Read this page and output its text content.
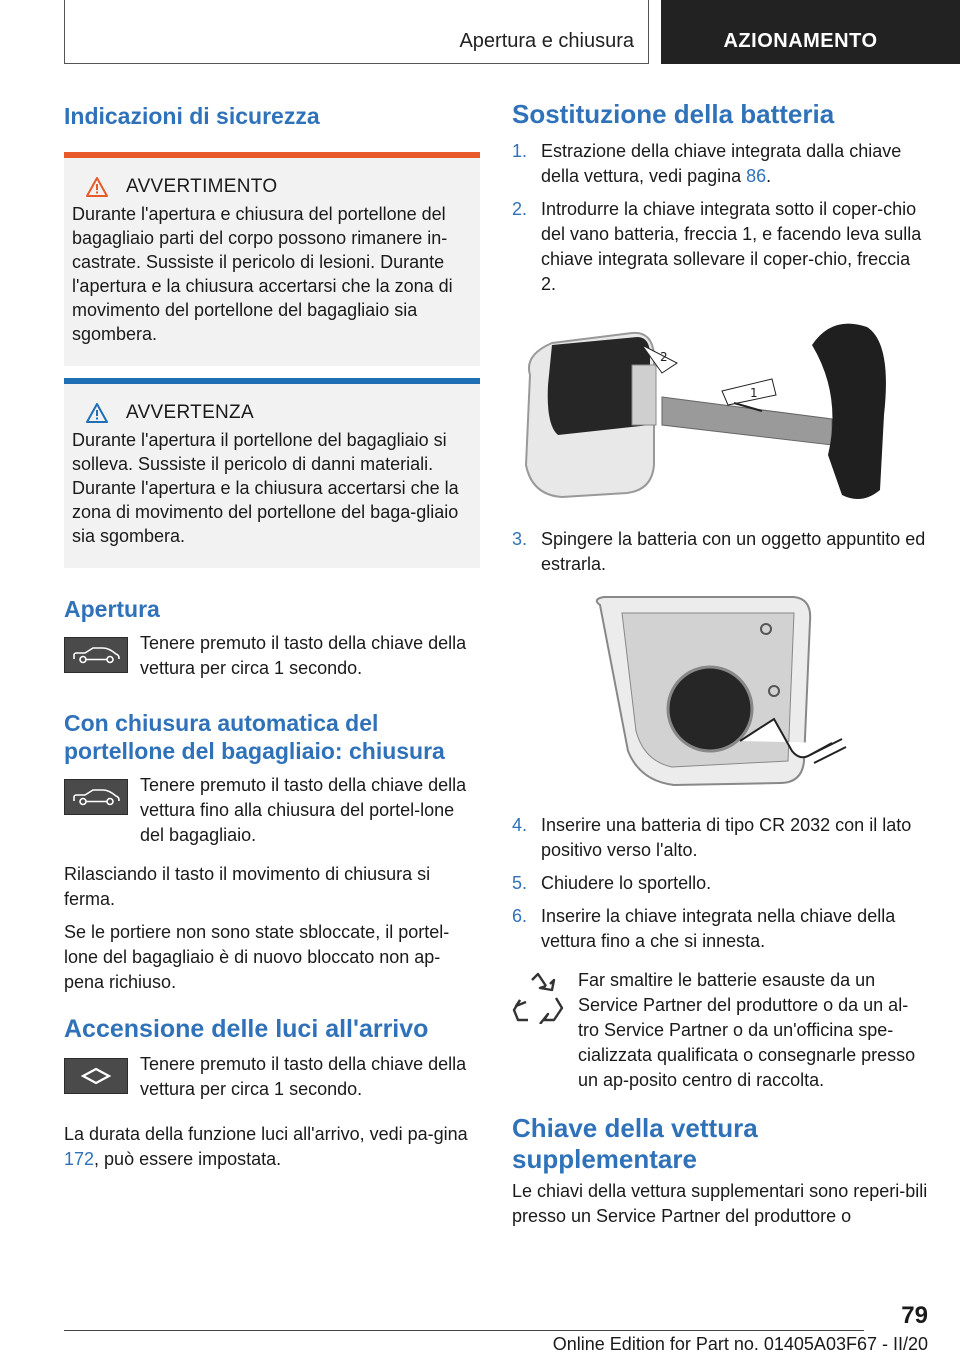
Apertura e chiusura	AZIONAMENTO
Indicazioni di sicurezza
AVVERTIMENTO
Durante l'apertura e chiusura del portellone del bagagliaio parti del corpo possono rimanere in-castrate. Sussiste il pericolo di lesioni. Durante l'apertura e la chiusura accertarsi che la zona di movimento del portellone del bagagliaio sia sgombera.
AVVERTENZA
Durante l'apertura il portellone del bagagliaio si solleva. Sussiste il pericolo di danni materiali. Durante l'apertura e la chiusura accertarsi che la zona di movimento del portellone del baga-gliaio sia sgombera.
Apertura
Tenere premuto il tasto della chiave della vettura per circa 1 secondo.
Con chiusura automatica del portellone del bagagliaio: chiusura
Tenere premuto il tasto della chiave della vettura fino alla chiusura del portel-lone del bagagliaio.

Rilasciando il tasto il movimento di chiusura si ferma.

Se le portiere non sono state sbloccate, il portel-lone del bagagliaio è di nuovo bloccato non ap-pena richiuso.

Accensione delle luci all'arrivo
Tenere premuto il tasto della chiave della vettura per circa 1 secondo.

La durata della funzione luci all'arrivo, vedi pa-gina 172, può essere impostata.

Sostituzione della batteria
1. Estrazione della chiave integrata dalla chiave della vettura, vedi pagina 86.
2. Introdurre la chiave integrata sotto il coper-chio del vano batteria, freccia 1, e facendo leva sulla chiave integrata sollevare il coper-chio, freccia 2.
2
1
3. Spingere la batteria con un oggetto appuntito ed estrarla.
4. Inserire una batteria di tipo CR 2032 con il lato positivo verso l'alto.
5. Chiudere lo sportello.
6. Inserire la chiave integrata nella chiave della vettura fino a che si innesta.
Far smaltire le batterie esauste da un Service Partner del produttore o da un al-tro Service Partner o da un'officina spe-cializzata qualificata o consegnarle presso un ap-posito centro di raccolta.
Chiave della vettura supplementare

Le chiavi della vettura supplementari sono reperi-bili presso un Service Partner del produttore o

79
Online Edition for Part no. 01405A03F67 - II/20
